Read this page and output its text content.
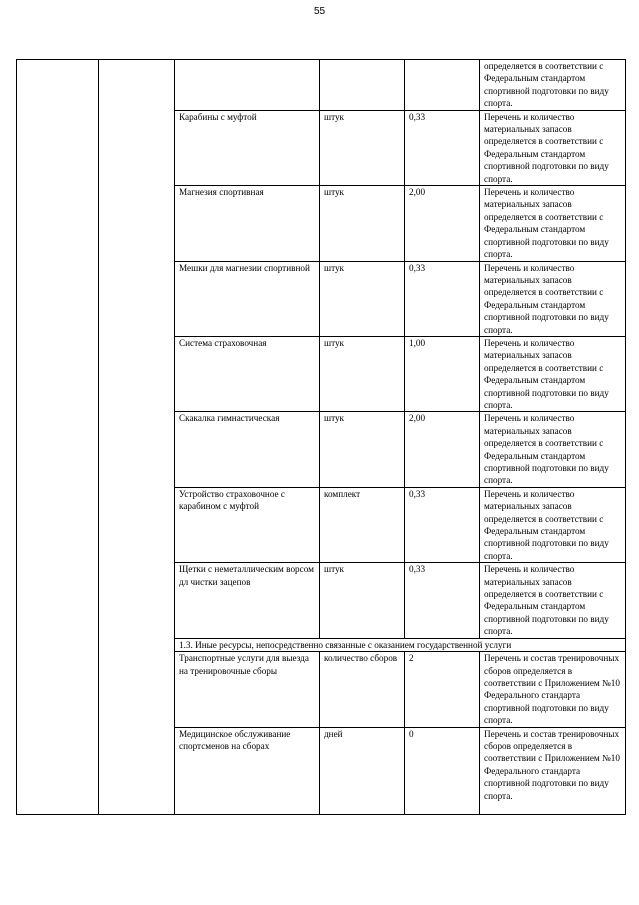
55
					определяется в соответствии с Федеральным стандартом спортивной подготовки по виду спорта.
		Карабины с муфтой	штук	0,33	Перечень и количество материальных запасов определяется в соответствии с Федеральным стандартом спортивной подготовки по виду спорта.
		Магнезия спортивная	штук	2,00	Перечень и количество материальных запасов определяется в соответствии с Федеральным стандартом спортивной подготовки по виду спорта.
		Мешки для магнезии спортивной	штук	0,33	Перечень и количество материальных запасов определяется в соответствии с Федеральным стандартом спортивной подготовки по виду спорта.
		Система страховочная	штук	1,00	Перечень и количество материальных запасов определяется в соответствии с Федеральным стандартом спортивной подготовки по виду спорта.
		Скакалка гимнастическая	штук	2,00	Перечень и количество материальных запасов определяется в соответствии с Федеральным стандартом спортивной подготовки по виду спорта.
		Устройство страховочное с карабином с муфтой	комплект	0,33	Перечень и количество материальных запасов определяется в соответствии с Федеральным стандартом спортивной подготовки по виду спорта.
		Щетки с неметаллическим ворсом дл чистки зацепов	штук	0,33	Перечень и количество материальных запасов определяется в соответствии с Федеральным стандартом спортивной подготовки по виду спорта.
		1.3. Иные ресурсы, непосредственно связанные с оказанием государственной услуги			
		Транспортные услуги для выезда на тренировочные сборы	количество сборов	2	Перечень и состав тренировочных сборов определяется в соответствии с Приложением №10 Федерального стандарта спортивной подготовки по виду спорта.
		Медицинское обслуживание спортсменов на сборах	дней	0	Перечень и состав тренировочных сборов определяется в соответствии с Приложением №10 Федерального стандарта спортивной подготовки по виду спорта.
